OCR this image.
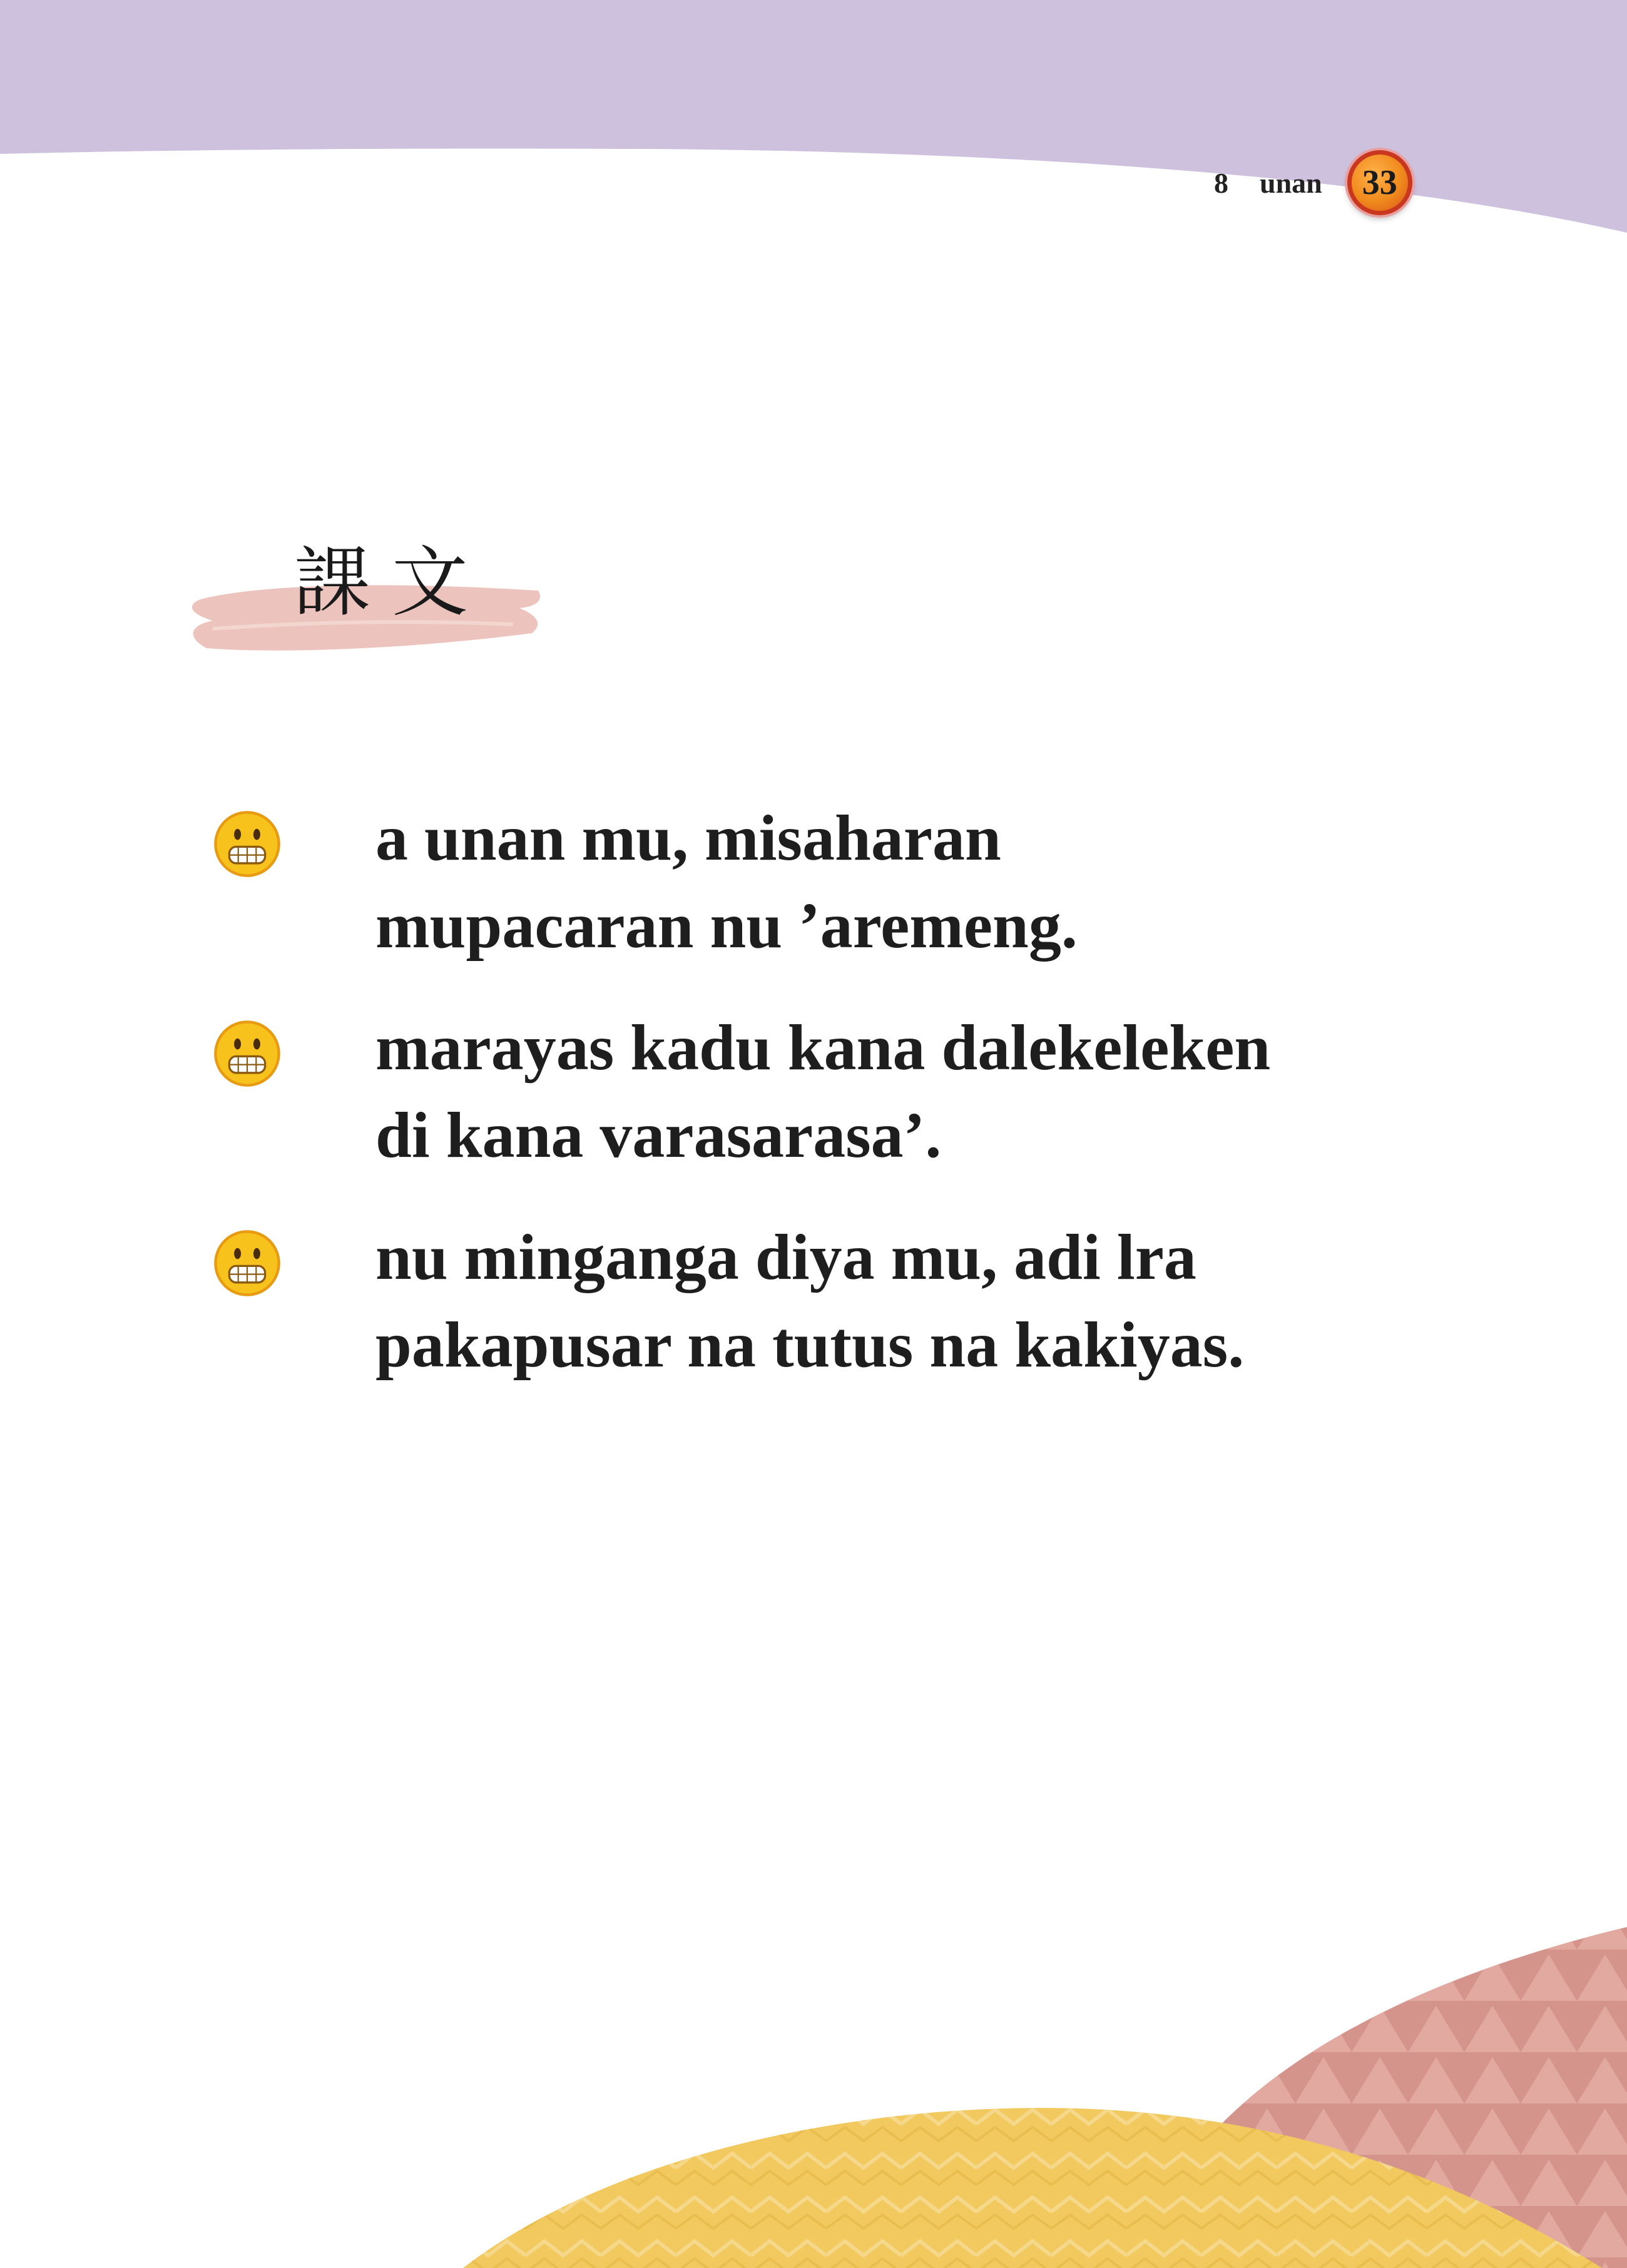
8 unan	33
課文

a unan mu, misaharan

mupacaran nu ’aremeng.

marayas kadu kana dalekeleken

di kana varasarasa’.

nu minganga diya mu, adi lra

pakapusar na tutus na kakiyas.
